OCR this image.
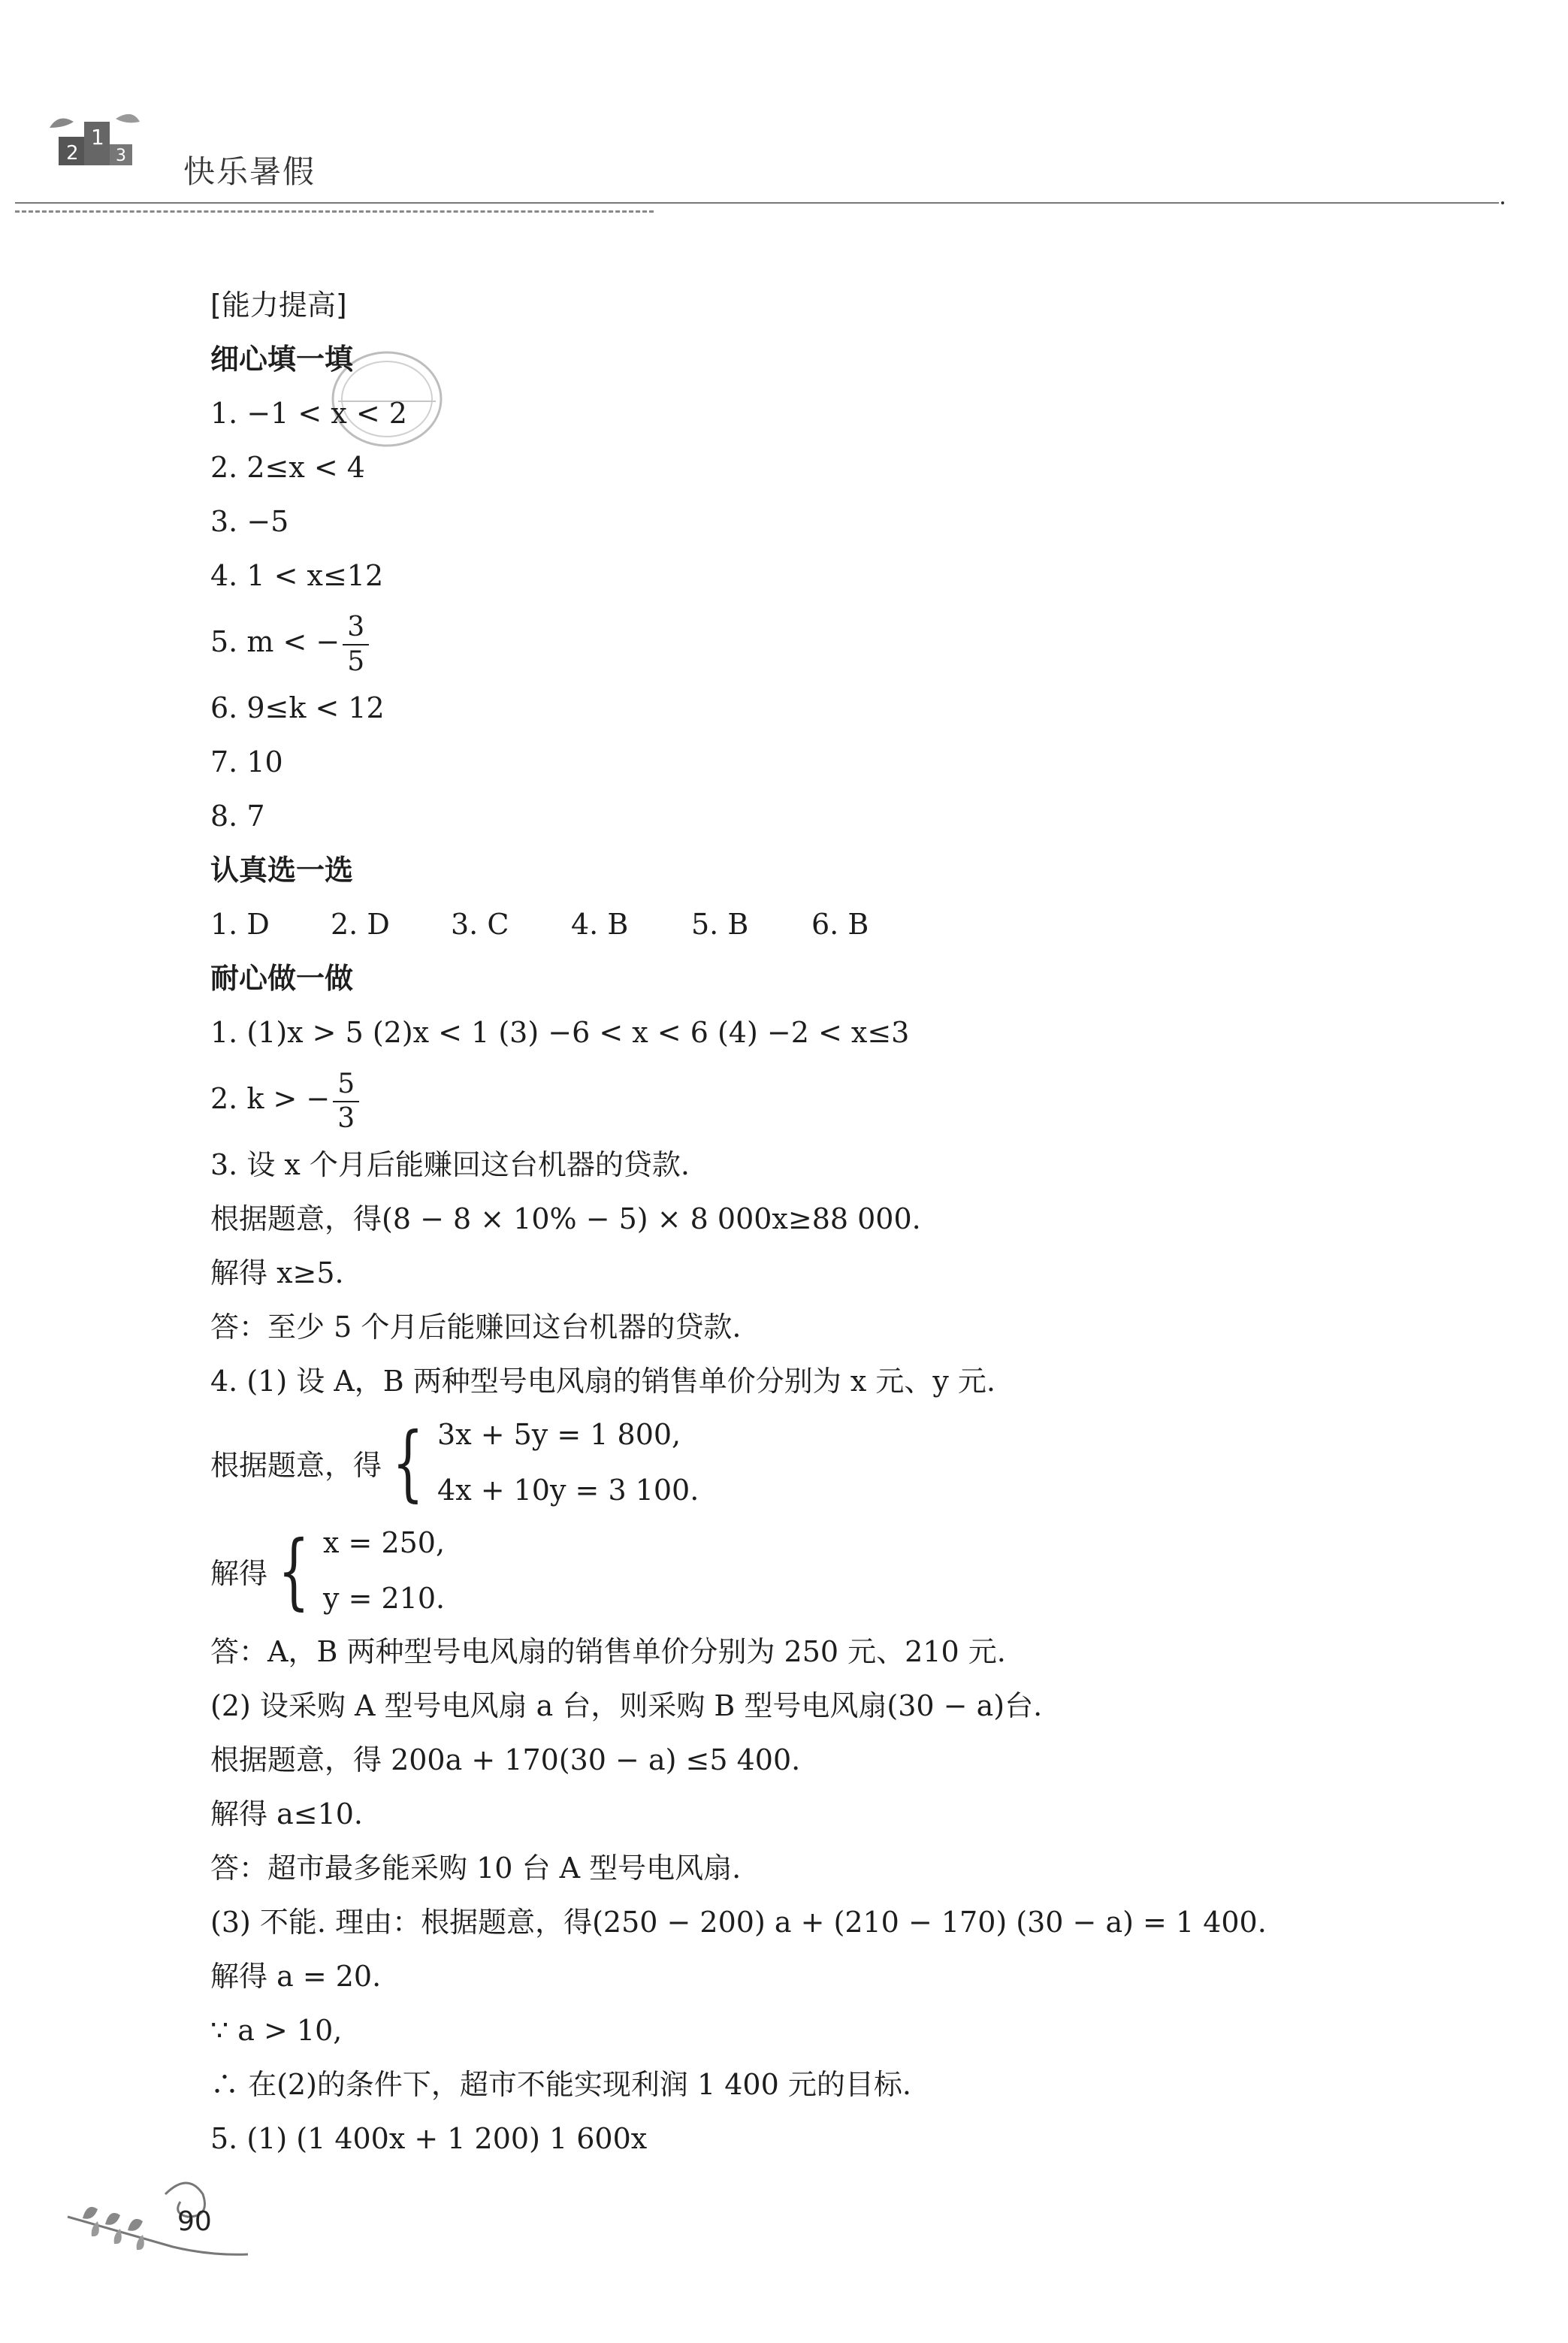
2
1
3 快乐暑假
[能力提高]
细心填一填
1. −1 < x < 2
2. 2≤x < 4
3. −5
4. 1 < x≤12
5. m < − $\frac{3}{5}$
6. 9≤k < 12
7. 10
8. 7
认真选一选
1. D 2. D 3. C 4. B 5. B 6. B
耐心做一做
1. (1)x > 5 (2)x < 1 (3) −6 < x < 6 (4) −2 < x≤3
2. k > − $\frac{5}{3}$
3. 设 x 个月后能赚回这台机器的贷款.
根据题意，得(8 − 8 × 10% − 5) × 8 000x≥88 000.
解得 x≥5.
答：至少 5 个月后能赚回这台机器的贷款.
4. (1) 设 A，B 两种型号电风扇的销售单价分别为 x 元、y 元.
根据题意，得 { 3x + 5y = 1 800,
4x + 10y = 3 100.
解得 { x = 250,
y = 210.
答：A，B 两种型号电风扇的销售单价分别为 250 元、210 元.
(2) 设采购 A 型号电风扇 a 台，则采购 B 型号电风扇(30 − a)台.
根据题意，得 200a + 170(30 − a) ≤5 400.
解得 a≤10.
答：超市最多能采购 10 台 A 型号电风扇.
(3) 不能. 理由：根据题意，得(250 − 200) a + (210 − 170) (30 − a) = 1 400.
解得 a = 20.
∵ a > 10,
∴ 在(2)的条件下，超市不能实现利润 1 400 元的目标.
5. (1) (1 400x + 1 200) 1 600x
90
